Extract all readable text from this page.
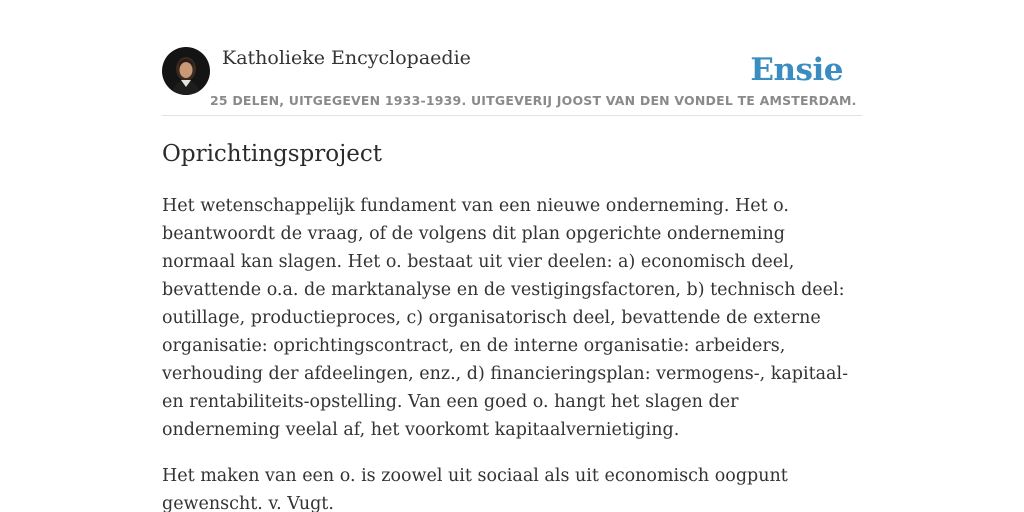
Katholieke Encyclopaedie
25 DELEN, UITGEGEVEN 1933-1939. UITGEVERIJ JOOST VAN DEN VONDEL TE AMSTERDAM.
Ensie
Oprichtingsproject

Het wetenschappelijk fundament van een nieuwe onderneming. Het o. beantwoordt de vraag, of de volgens dit plan opgerichte onderneming normaal kan slagen. Het o. bestaat uit vier deelen: a) economisch deel, bevattende o.a. de marktanalyse en de vestigingsfactoren, b) technisch deel: outillage, productieproces, c) organisatorisch deel, bevattende de externe organisatie: oprichtingscontract, en de interne organisatie: arbeiders, verhouding der afdeelingen, enz., d) financieringsplan: vermogens-, kapitaal- en rentabiliteits-opstelling. Van een goed o. hangt het slagen der onderneming veelal af, het voorkomt kapitaalvernietiging.

Het maken van een o. is zoowel uit sociaal als uit economisch oogpunt gewenscht. v. Vugt.
